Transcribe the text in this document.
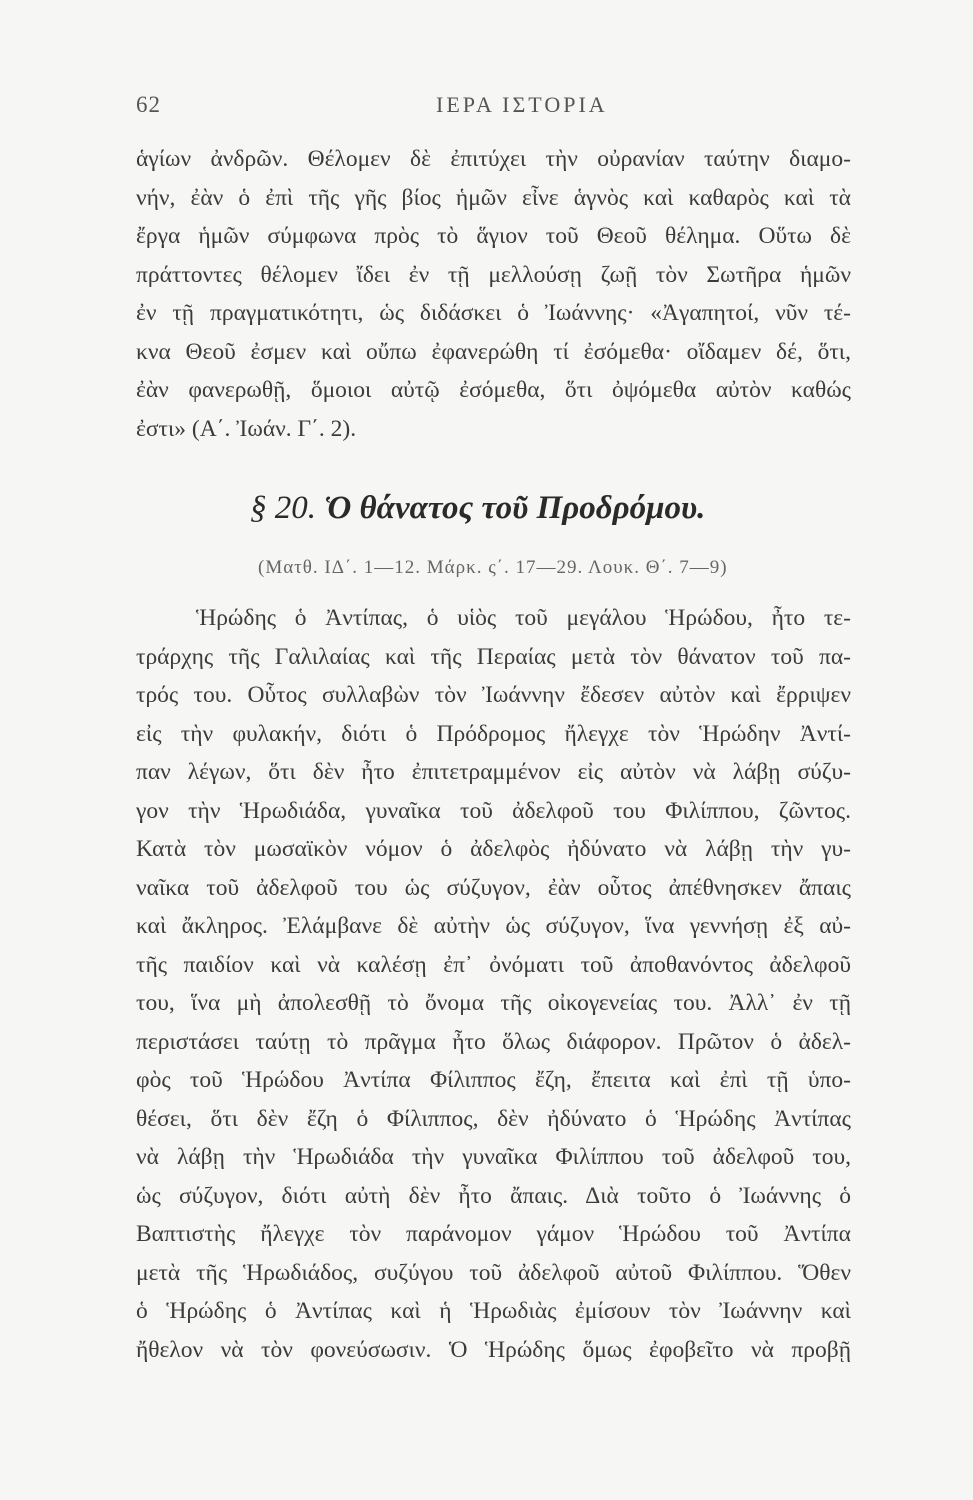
62	ΙΕΡΑ ΙΣΤΟΡΙΑ
ἁγίων ἀνδρῶν. Θέλομεν δὲ ἐπιτύχει τὴν οὐρανίαν ταύτην διαμο-
νήν, ἐὰν ὁ ἐπὶ τῆς γῆς βίος ἡμῶν εἶνε ἁγνὸς καὶ καθαρὸς καὶ τὰ
ἔργα ἡμῶν σύμφωνα πρὸς τὸ ἅγιον τοῦ Θεοῦ θέλημα. Οὕτω δὲ
πράττοντες θέλομεν ἴδει ἐν τῇ μελλούσῃ ζωῇ τὸν Σωτῆρα ἡμῶν
ἐν τῇ πραγματικότητι, ὡς διδάσκει ὁ Ἰωάννης· «Ἀγαπητοί, νῦν τέ-
κνα Θεοῦ ἐσμεν καὶ οὔπω ἐφανερώθη τί ἐσόμεθα· οἴδαμεν δέ, ὅτι,
ἐὰν φανερωθῇ, ὅμοιοι αὐτῷ ἐσόμεθα, ὅτι ὀψόμεθα αὐτὸν καθώς
ἐστι» (Α΄. Ἰωάν. Γ΄. 2).
§ 20. Ὁ θάνατος τοῦ Προδρόμου.
(Ματθ. ΙΔ΄. 1—12. Μάρκ. ς΄. 17—29. Λουκ. Θ΄. 7—9)
Ἡρώδης ὁ Ἀντίπας, ὁ υἱὸς τοῦ μεγάλου Ἡρώδου, ἦτο τε-
τράρχης τῆς Γαλιλαίας καὶ τῆς Περαίας μετὰ τὸν θάνατον τοῦ πα-
τρός του. Οὗτος συλλαβὼν τὸν Ἰωάννην ἔδεσεν αὐτὸν καὶ ἔρριψεν
εἰς τὴν φυλακήν, διότι ὁ Πρόδρομος ἤλεγχε τὸν Ἡρώδην Ἀντί-
παν λέγων, ὅτι δὲν ἦτο ἐπιτετραμμένον εἰς αὐτὸν νὰ λάβῃ σύζυ-
γον τὴν Ἡρωδιάδα, γυναῖκα τοῦ ἀδελφοῦ του Φιλίππου, ζῶντος.
Κατὰ τὸν μωσαϊκὸν νόμον ὁ ἀδελφὸς ἠδύνατο νὰ λάβῃ τὴν γυ-
ναῖκα τοῦ ἀδελφοῦ του ὡς σύζυγον, ἐὰν οὗτος ἀπέθνησκεν ἄπαις
καὶ ἄκληρος. Ἐλάμβανε δὲ αὐτὴν ὡς σύζυγον, ἵνα γεννήσῃ ἐξ αὐ-
τῆς παιδίον καὶ νὰ καλέσῃ ἐπ᾽ ὀνόματι τοῦ ἀποθανόντος ἀδελφοῦ
του, ἵνα μὴ ἀπολεσθῇ τὸ ὄνομα τῆς οἰκογενείας του. Ἀλλ᾽ ἐν τῇ
περιστάσει ταύτῃ τὸ πρᾶγμα ἦτο ὅλως διάφορον. Πρῶτον ὁ ἀδελ-
φὸς τοῦ Ἡρώδου Ἀντίπα Φίλιππος ἔζη, ἔπειτα καὶ ἐπὶ τῇ ὑπο-
θέσει, ὅτι δὲν ἔζη ὁ Φίλιππος, δὲν ἠδύνατο ὁ Ἡρώδης Ἀντίπας
νὰ λάβῃ τὴν Ἡρωδιάδα τὴν γυναῖκα Φιλίππου τοῦ ἀδελφοῦ του,
ὡς σύζυγον, διότι αὐτὴ δὲν ἦτο ἄπαις. Διὰ τοῦτο ὁ Ἰωάννης ὁ
Βαπτιστὴς ἤλεγχε τὸν παράνομον γάμον Ἡρώδου τοῦ Ἀντίπα
μετὰ τῆς Ἡρωδιάδος, συζύγου τοῦ ἀδελφοῦ αὐτοῦ Φιλίππου. Ὅθεν
ὁ Ἡρώδης ὁ Ἀντίπας καὶ ἡ Ἡρωδιὰς ἐμίσουν τὸν Ἰωάννην καὶ
ἤθελον νὰ τὸν φονεύσωσιν. Ὁ Ἡρώδης ὅμως ἐφοβεῖτο νὰ προβῇ
